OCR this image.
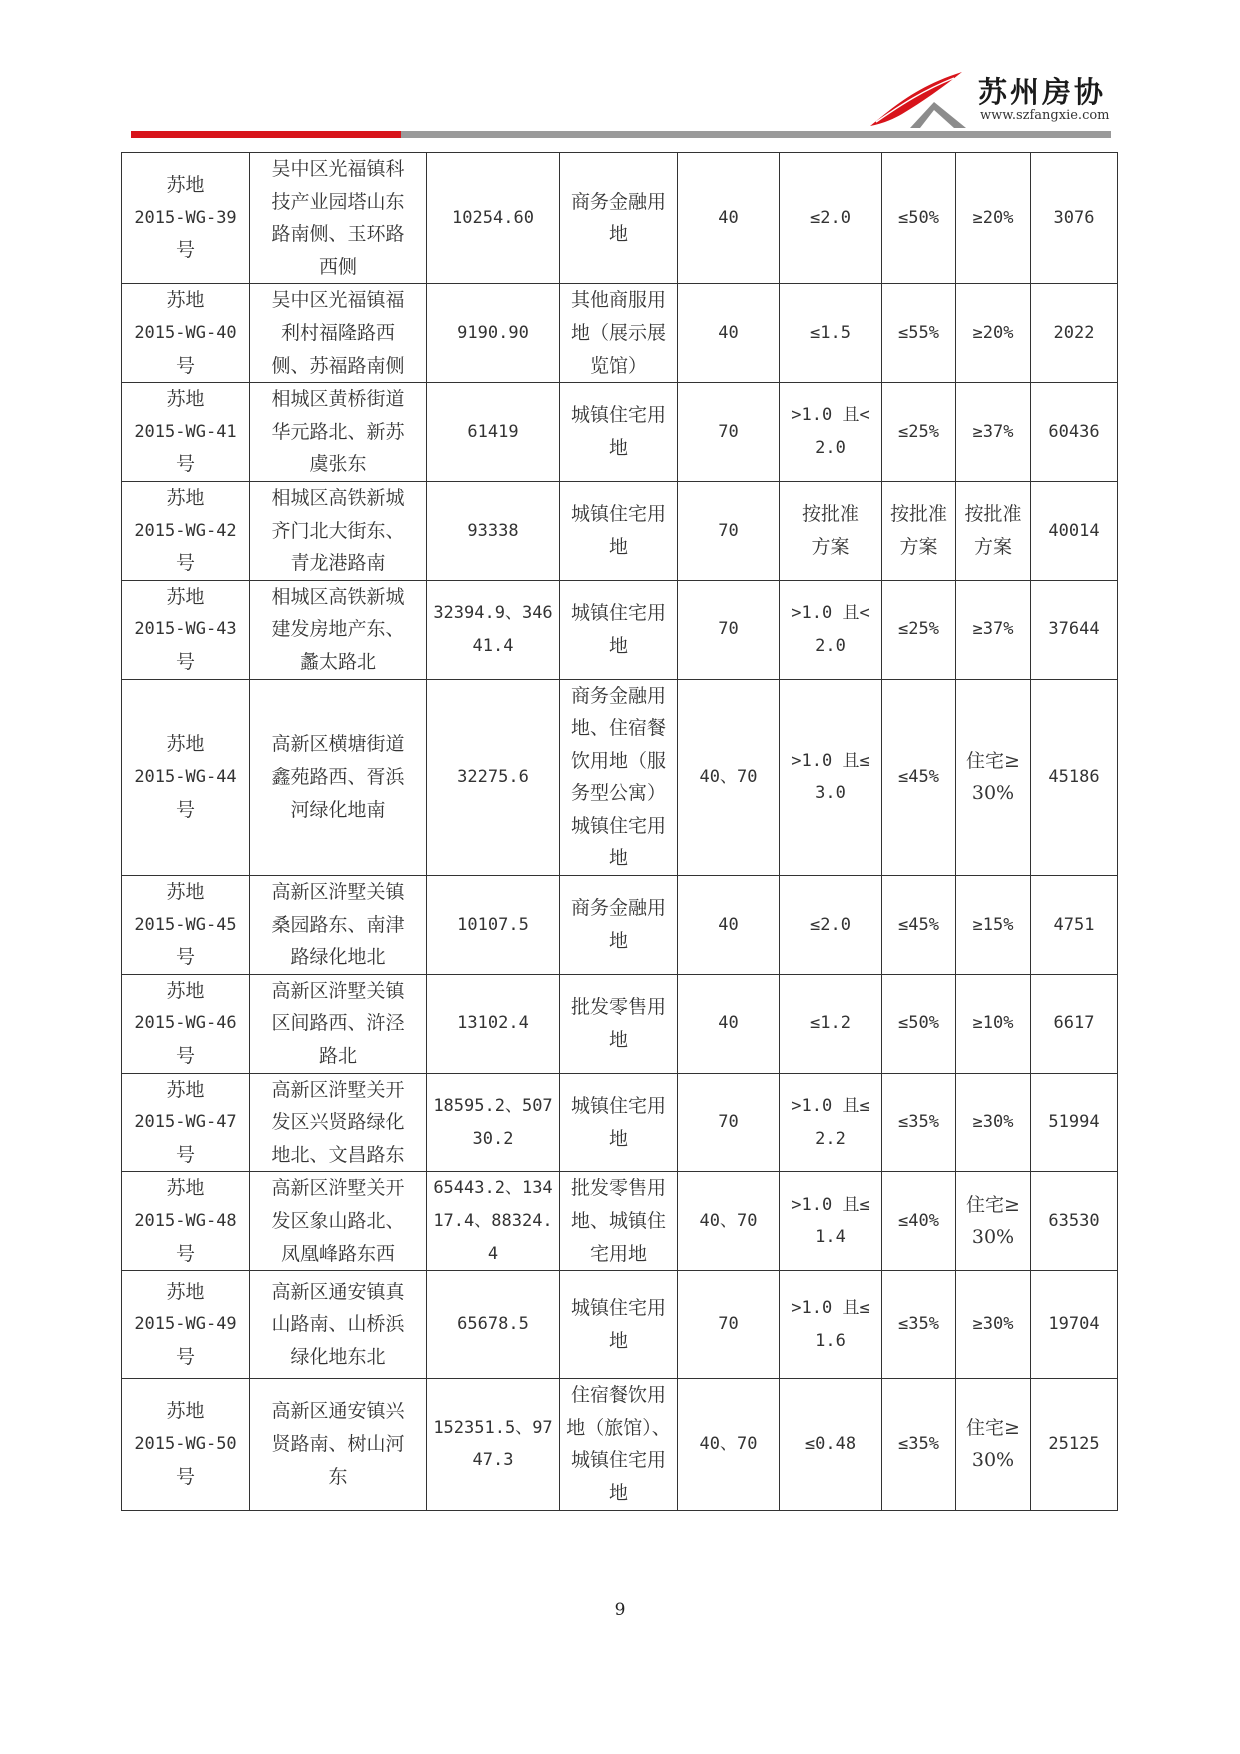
苏州房协
www.szfangxie.com
苏地
2015-WG-39
号	吴中区光福镇科技产业园塔山东路南侧、玉环路西侧	10254.60	商务金融用地	40	≤2.0	≤50%	≥20%	3076

苏地
2015-WG-40
号	吴中区光福镇福利村福隆路西侧、苏福路南侧	9190.90	其他商服用地（展示展览馆）	40	≤1.5	≤55%	≥20%	2022

苏地
2015-WG-41
号	相城区黄桥街道华元路北、新苏虞张东	61419	城镇住宅用地	70	>1.0 且<2.0	≤25%	≥37%	60436

苏地
2015-WG-42
号	相城区高铁新城齐门北大街东、青龙港路南	93338	城镇住宅用地	70	按批准方案	按批准方案	按批准方案	40014

苏地
2015-WG-43
号	相城区高铁新城建发房地产东、蠡太路北	32394.9、34641.4	城镇住宅用地	70	>1.0 且<2.0	≤25%	≥37%	37644

苏地
2015-WG-44
号	高新区横塘街道鑫苑路西、胥浜河绿化地南	32275.6	商务金融用地、住宿餐饮用地（服务型公寓）城镇住宅用地	40、70	>1.0 且≤3.0	≤45%	住宅≥30%	45186

苏地
2015-WG-45
号	高新区浒墅关镇桑园路东、南津路绿化地北	10107.5	商务金融用地	40	≤2.0	≤45%	≥15%	4751

苏地
2015-WG-46
号	高新区浒墅关镇区间路西、浒泾路北	13102.4	批发零售用地	40	≤1.2	≤50%	≥10%	6617

苏地
2015-WG-47
号	高新区浒墅关开发区兴贤路绿化地北、文昌路东	18595.2、50730.2	城镇住宅用地	70	>1.0 且≤2.2	≤35%	≥30%	51994

苏地
2015-WG-48
号	高新区浒墅关开发区象山路北、凤凰峰路东西	65443.2、13417.4、88324.4	批发零售用地、城镇住宅用地	40、70	>1.0 且≤1.4	≤40%	住宅≥30%	63530

苏地
2015-WG-49
号	高新区通安镇真山路南、山桥浜绿化地东北	65678.5	城镇住宅用地	70	>1.0 且≤1.6	≤35%	≥30%	19704

苏地
2015-WG-50
号	高新区通安镇兴贤路南、树山河东	152351.5、9747.3	住宿餐饮用地（旅馆）、城镇住宅用地	40、70	≤0.48	≤35%	住宅≥30%	25125
9
